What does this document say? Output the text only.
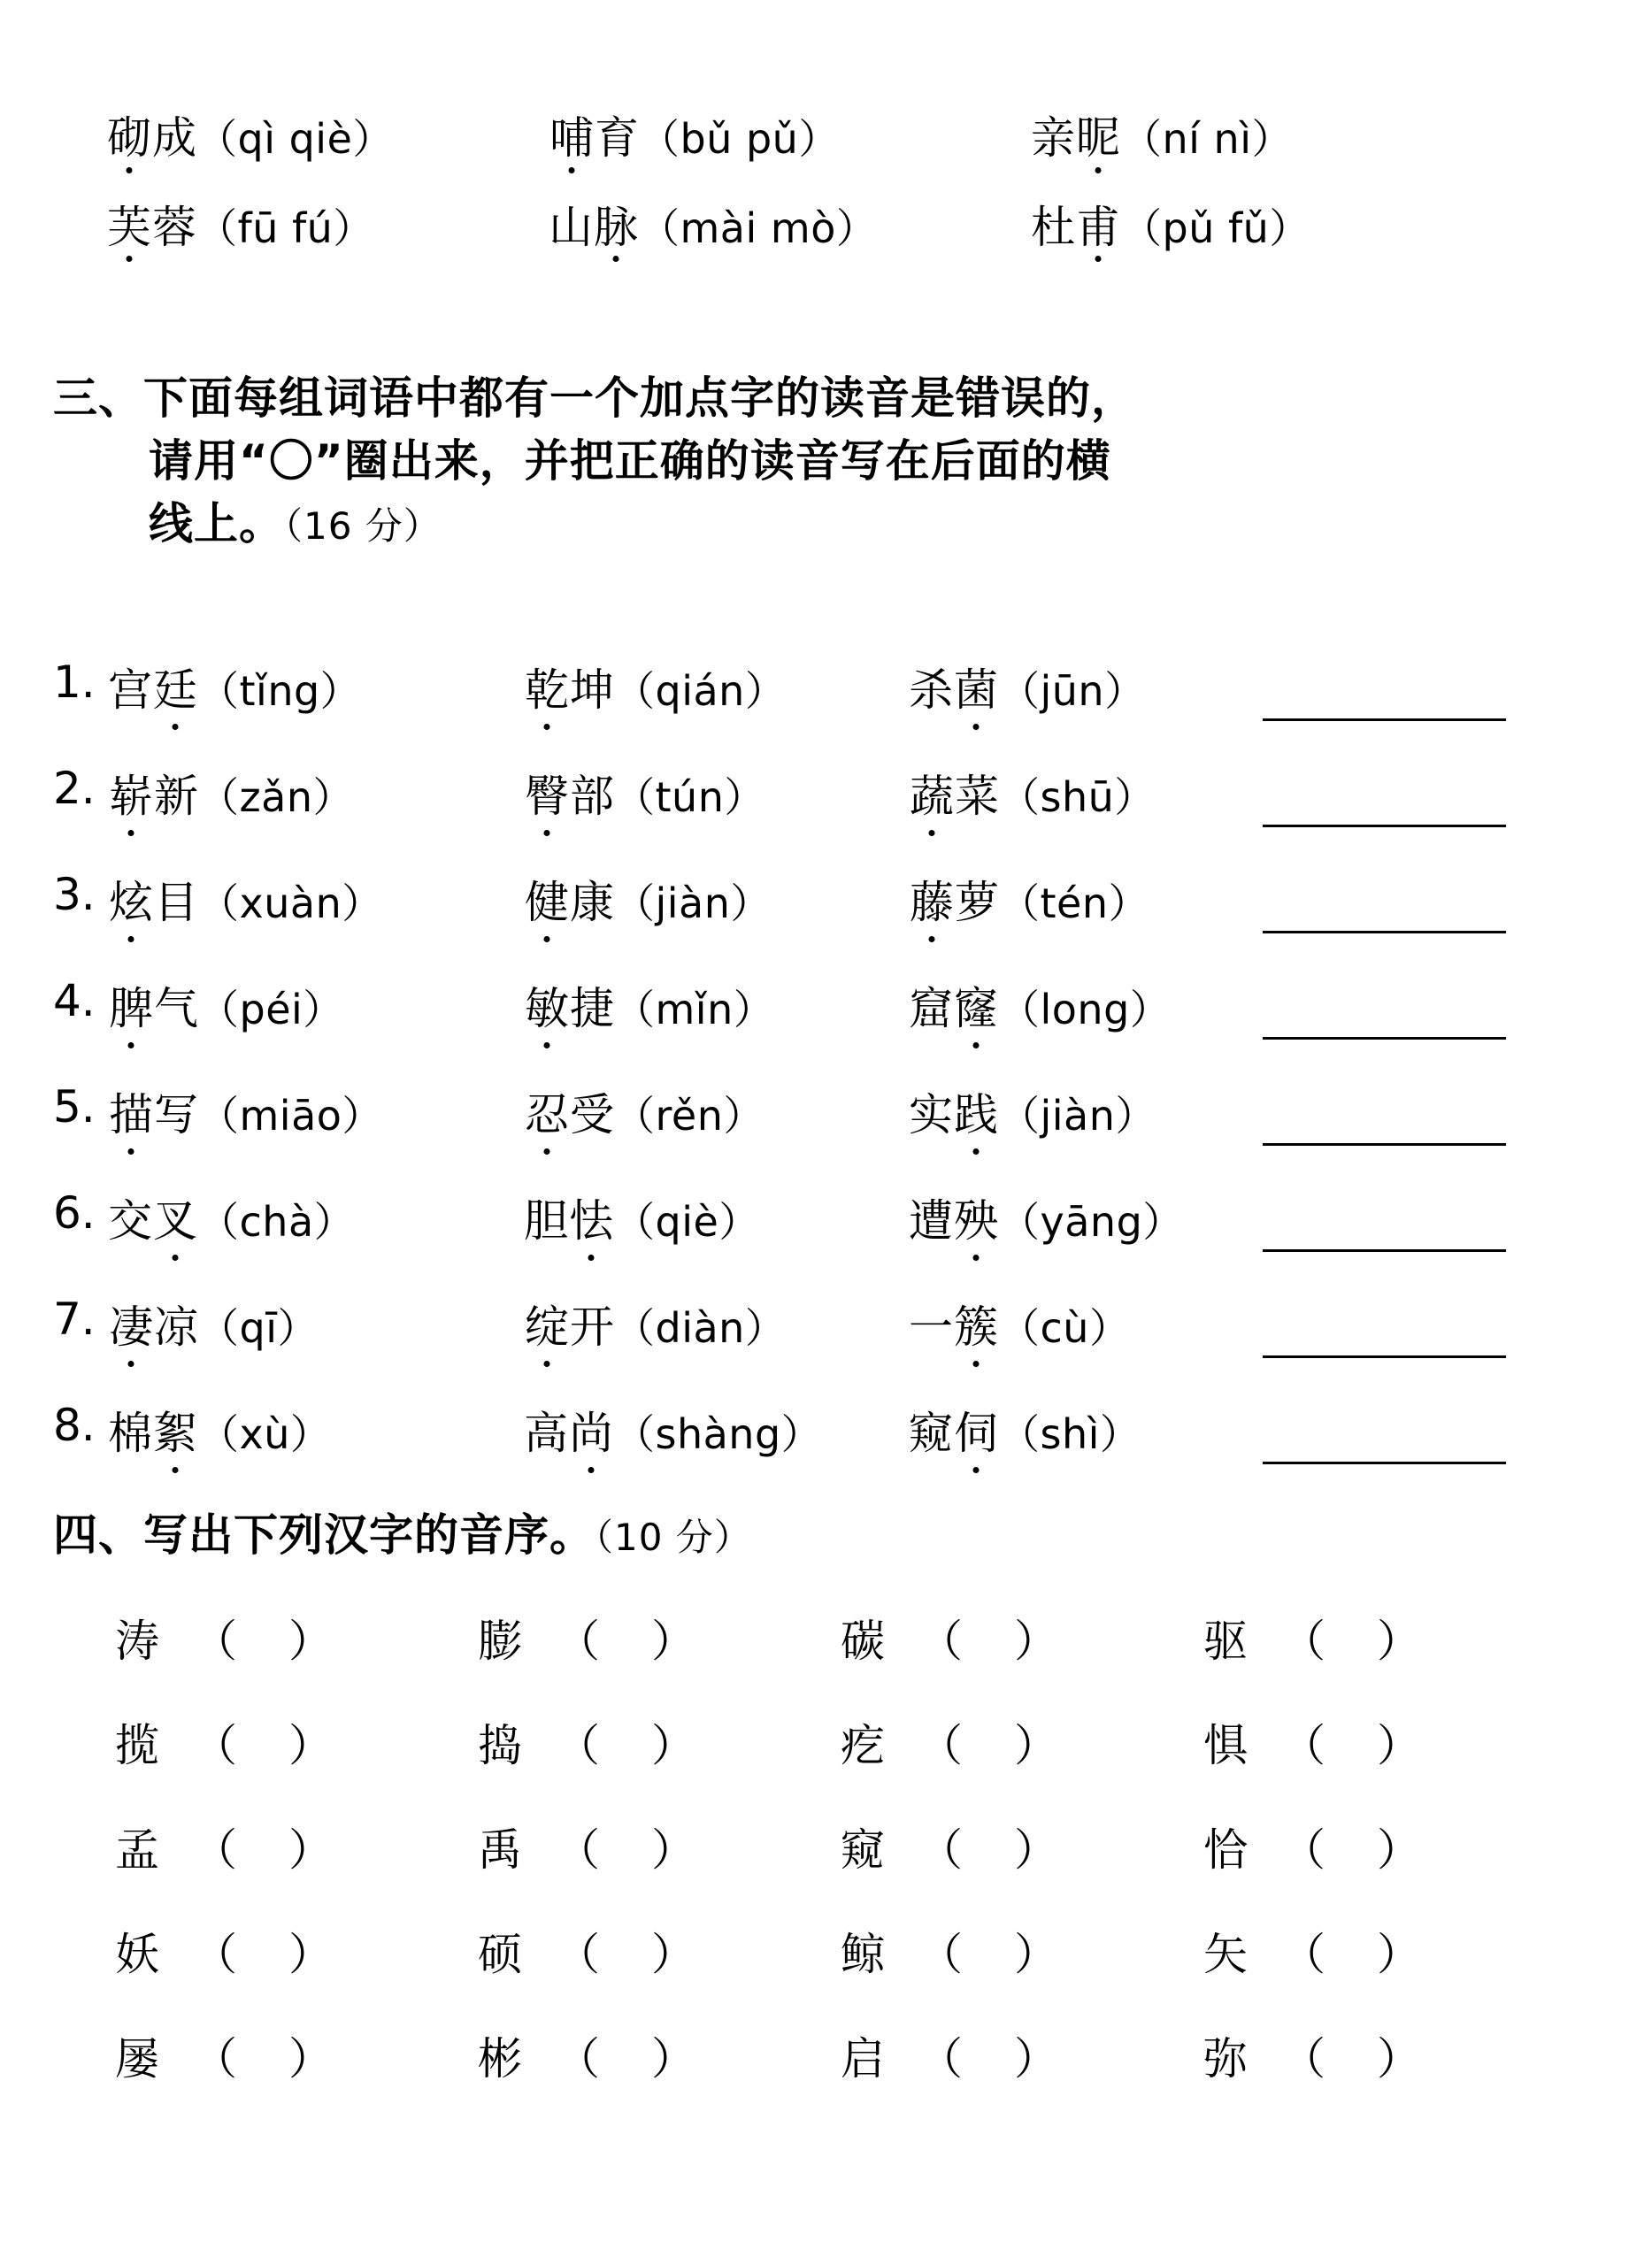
砌 成 （qì qiè）	哺 育 （bǔ pǔ）	亲 昵 （ní nì）
芙 蓉 （fū fú）	山 脉 （mài mò）	杜 甫 （pǔ fǔ）
三、下面每组词语中都有一个加点字的读音是错误的，
请用“〇”圈出来，并把正确的读音写在后面的横
线上。（16 分）
1. 宫 廷 （tǐng）	乾 坤 （qián）	杀 菌 （jūn）
2. 崭 新 （zǎn）	臀 部 （tún）	蔬 菜 （shū）
3. 炫 目 （xuàn）	健 康 （jiàn）	藤 萝 （tén）
4. 脾 气 （péi）	敏 捷 （mǐn）	窟 窿 （long）
5. 描 写 （miāo）	忍 受 （rěn）	实 践 （jiàn）
6. 交 叉 （chà）	胆 怯 （qiè）	遭 殃 （yāng）
7. 凄 凉 （qī）	绽 开 （diàn）	一 簇 （cù）
8. 棉 絮 （xù）	高 尚 （shàng） 窥 伺 （shì）
四、写出下列汉字的音序。（10 分）
涛 （） 膨 （） 碳 （） 驱 （）
揽 （） 捣 （） 疙 （） 惧 （）
孟 （） 禹 （） 窥 （） 恰 （）
妖 （） 硕 （） 鲸 （） 矢 （）
屡 （） 彬 （） 启 （） 弥 （）
